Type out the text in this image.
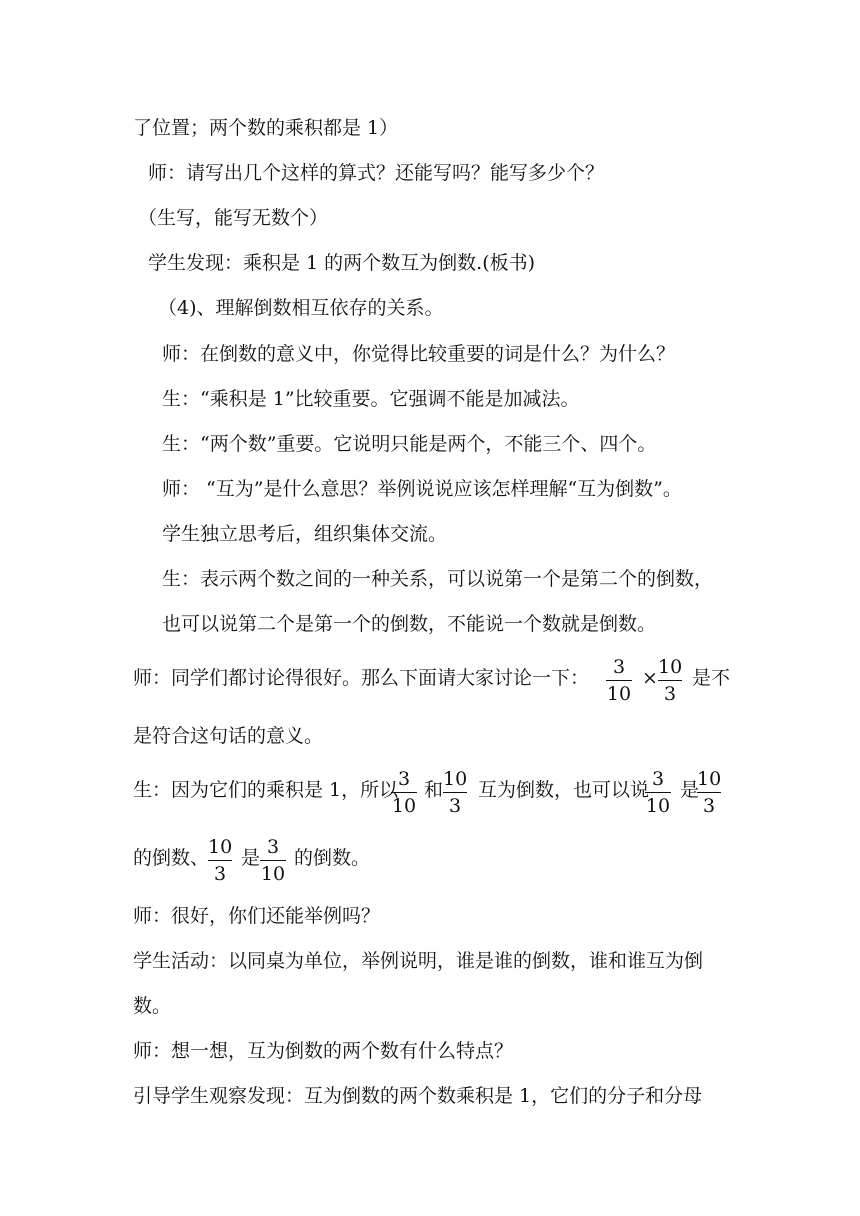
了位置；两个数的乘积都是 1）
师：请写出几个这样的算式？还能写吗？能写多少个？
（生写，能写无数个）
学生发现：乘积是 1 的两个数互为倒数.(板书)
（4)、理解倒数相互依存的关系。
师：在倒数的意义中，你觉得比较重要的词是什么？为什么？
生：“乘积是 1”比较重要。它强调不能是加减法。
生：“两个数”重要。它说明只能是两个，不能三个、四个。
师： “互为”是什么意思？举例说说应该怎样理解“互为倒数”。
学生独立思考后，组织集体交流。
生：表示两个数之间的一种关系，可以说第一个是第二个的倒数，
也可以说第二个是第一个的倒数，不能说一个数就是倒数。
师：同学们都讨论得很好。那么下面请大家讨论一下：	3
10
× 10
3
是不
是符合这句话的意义。
生：因为它们的乘积是 1，所以 3
10
和 10
3
互为倒数，也可以说 3
10
是
10
3
的倒数、
10
3
是 3
10
的倒数。
师：很好，你们还能举例吗？
学生活动：以同桌为单位，举例说明，谁是谁的倒数，谁和谁互为倒
数。
师：想一想，互为倒数的两个数有什么特点？
引导学生观察发现：互为倒数的两个数乘积是 1，它们的分子和分母
